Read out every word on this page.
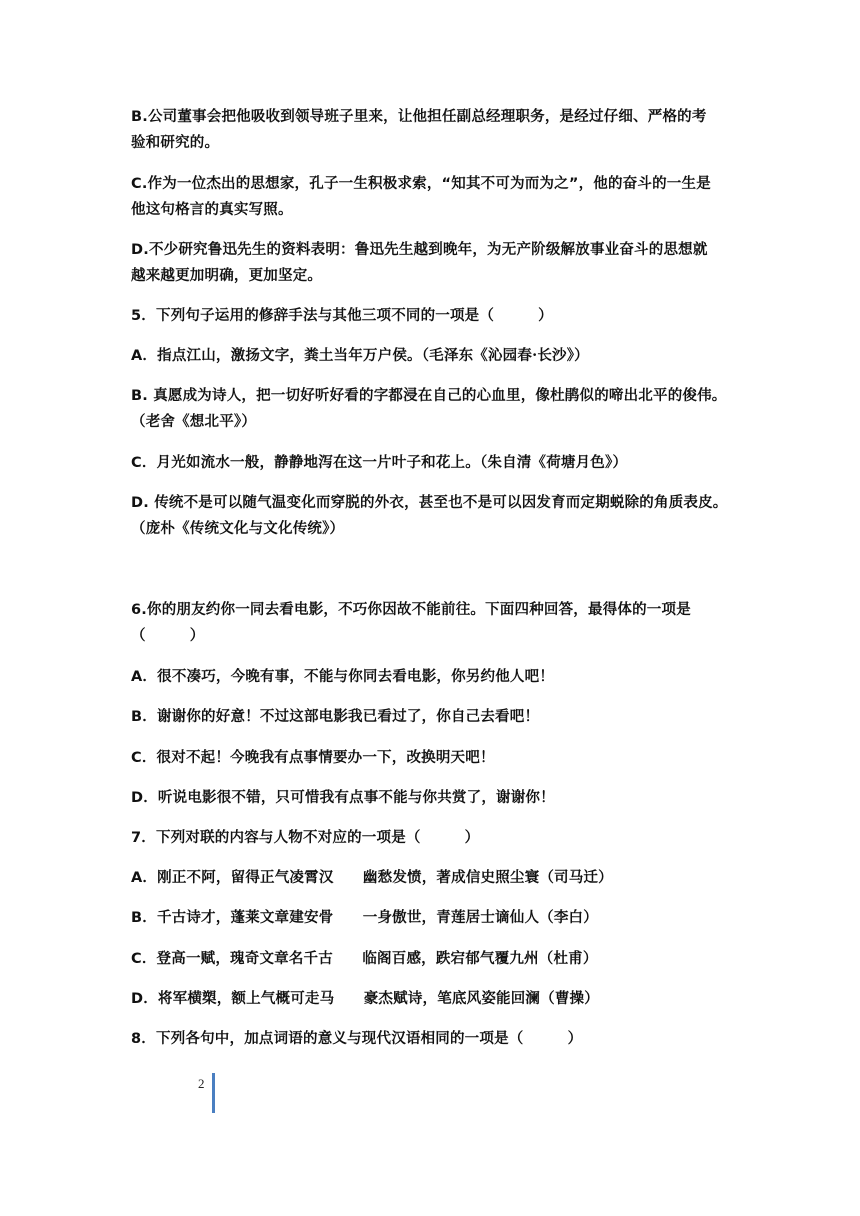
B.公司董事会把他吸收到领导班子里来，让他担任副总经理职务，是经过仔细、严格的考
验和研究的。
C.作为一位杰出的思想家，孔子一生积极求索，“知其不可为而为之”，他的奋斗的一生是
他这句格言的真实写照。
D.不少研究鲁迅先生的资料表明：鲁迅先生越到晚年，为无产阶级解放事业奋斗的思想就
越来越更加明确，更加坚定。
5．下列句子运用的修辞手法与其他三项不同的一项是（　　　）
A．指点江山，激扬文字，粪土当年万户侯。（毛泽东《沁园春·长沙》）
B. 真愿成为诗人，把一切好听好看的字都浸在自己的心血里，像杜鹃似的啼出北平的俊伟。
（老舍《想北平》）
C．月光如流水一般，静静地泻在这一片叶子和花上。（朱自清《荷塘月色》）
D. 传统不是可以随气温变化而穿脱的外衣，甚至也不是可以因发育而定期蜕除的角质表皮。
（庞朴《传统文化与文化传统》）
6.你的朋友约你一同去看电影，不巧你因故不能前往。下面四种回答，最得体的一项是
（　　　）
A．很不凑巧，今晚有事，不能与你同去看电影，你另约他人吧！
B．谢谢你的好意！不过这部电影我已看过了，你自己去看吧！
C．很对不起！今晚我有点事情要办一下，改换明天吧！
D．听说电影很不错，只可惜我有点事不能与你共赏了，谢谢你！
7．下列对联的内容与人物不对应的一项是（　　　）
A．刚正不阿，留得正气凌霄汉　　幽愁发愤，著成信史照尘寰（司马迁）
B．千古诗才，蓬莱文章建安骨　　一身傲世，青莲居士谪仙人（李白）
C．登高一赋，瑰奇文章名千古　　临阁百感，跌宕郁气覆九州（杜甫）
D．将军横槊，额上气概可走马　　豪杰赋诗，笔底风姿能回澜（曹操）
8．下列各句中，加点词语的意义与现代汉语相同的一项是（　　　）
2
